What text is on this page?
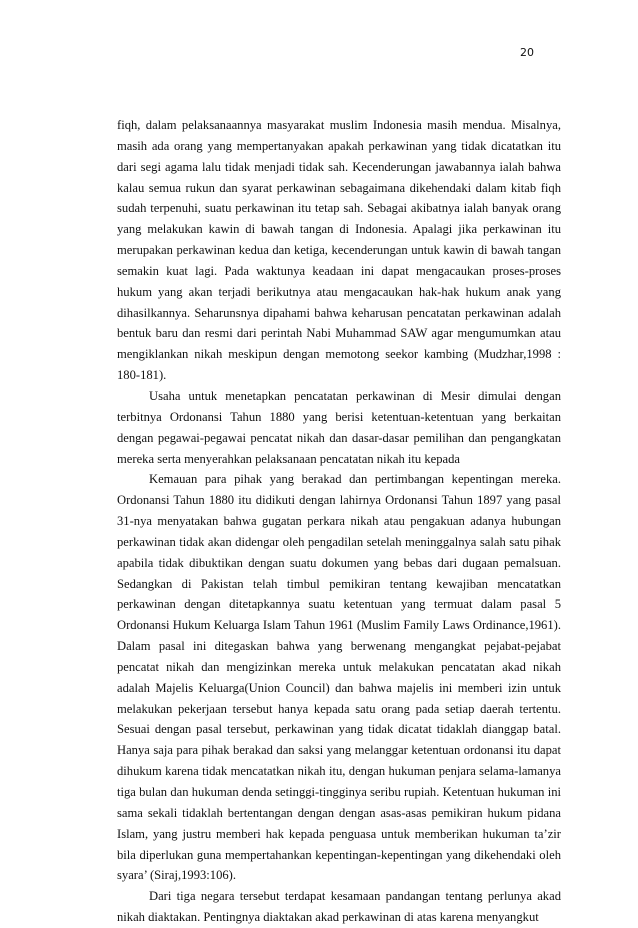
20

fiqh, dalam pelaksanaannya masyarakat muslim Indonesia masih mendua. Misalnya, masih ada orang yang mempertanyakan apakah perkawinan yang tidak dicatatkan itu dari segi agama lalu tidak menjadi tidak sah. Kecenderungan jawabannya ialah bahwa kalau semua rukun dan syarat perkawinan sebagaimana dikehendaki dalam kitab fiqh sudah terpenuhi, suatu perkawinan itu tetap sah. Sebagai akibatnya ialah banyak orang yang melakukan kawin di bawah tangan di Indonesia. Apalagi jika perkawinan itu merupakan perkawinan kedua dan ketiga, kecenderungan untuk kawin di bawah tangan semakin kuat lagi. Pada waktunya keadaan ini dapat mengacaukan proses-proses hukum yang akan terjadi berikutnya atau mengacaukan hak-hak hukum anak yang dihasilkannya. Seharunsnya dipahami bahwa keharusan pencatatan perkawinan adalah bentuk baru dan resmi dari perintah Nabi Muhammad SAW agar mengumumkan atau mengiklankan nikah meskipun dengan memotong seekor kambing (Mudzhar,1998 : 180-181).

Usaha untuk menetapkan pencatatan perkawinan di Mesir dimulai dengan terbitnya Ordonansi Tahun 1880 yang berisi ketentuan-ketentuan yang berkaitan dengan pegawai-pegawai pencatat nikah dan dasar-dasar pemilihan dan pengangkatan mereka serta menyerahkan pelaksanaan pencatatan nikah itu kepada

Kemauan para pihak yang berakad dan pertimbangan kepentingan mereka. Ordonansi Tahun 1880 itu didikuti dengan lahirnya Ordonansi Tahun 1897 yang pasal 31-nya menyatakan bahwa gugatan perkara nikah atau pengakuan adanya hubungan perkawinan tidak akan didengar oleh pengadilan setelah meninggalnya salah satu pihak apabila tidak dibuktikan dengan suatu dokumen yang bebas dari dugaan pemalsuan. Sedangkan di Pakistan telah timbul pemikiran tentang kewajiban mencatatkan perkawinan dengan ditetapkannya suatu ketentuan yang termuat dalam pasal 5 Ordonansi Hukum Keluarga Islam Tahun 1961 (Muslim Family Laws Ordinance,1961). Dalam pasal ini ditegaskan bahwa yang berwenang mengangkat pejabat-pejabat pencatat nikah dan mengizinkan mereka untuk melakukan pencatatan akad nikah adalah Majelis Keluarga(Union Council) dan bahwa majelis ini memberi izin untuk melakukan pekerjaan tersebut hanya kepada satu orang pada setiap daerah tertentu. Sesuai dengan pasal tersebut, perkawinan yang tidak dicatat tidaklah dianggap batal. Hanya saja para pihak berakad dan saksi yang melanggar ketentuan ordonansi itu dapat dihukum karena tidak mencatatkan nikah itu, dengan hukuman penjara selama-lamanya tiga bulan dan hukuman denda setinggi-tingginya seribu rupiah. Ketentuan hukuman ini sama sekali tidaklah bertentangan dengan dengan asas-asas pemikiran hukum pidana Islam, yang justru memberi hak kepada penguasa untuk memberikan hukuman ta’zir bila diperlukan guna mempertahankan kepentingan-kepentingan yang dikehendaki oleh syara’ (Siraj,1993:106).

Dari tiga negara tersebut terdapat kesamaan pandangan tentang perlunya akad nikah diaktakan. Pentingnya diaktakan akad perkawinan di atas karena menyangkut
